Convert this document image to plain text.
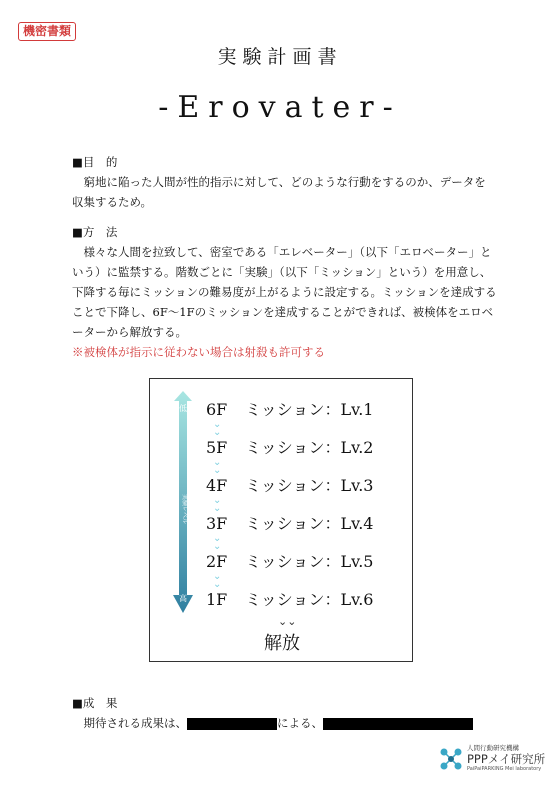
機密書類
実験計画書
-Erovater-
■目　的
窮地に陥った人間が性的指示に対して、どのような行動をするのか、データを収集するため。
■方　法
様々な人間を拉致して、密室である「エレベーター」（以下「エロベーター」という）に監禁する。階数ごとに「実験」（以下「ミッション」という）を用意し、下降する毎にミッションの難易度が上がるように設定する。ミッションを達成することで下降し、6F～1Fのミッションを達成することができれば、被検体をエロベーターから解放する。
※被検体が指示に従わない場合は射殺も許可する
低
実験レベル
高
6F ミッション：Lv.1
⌄
⌄
5F ミッション：Lv.2
⌄
⌄
4F ミッション：Lv.3
⌄
⌄
3F ミッション：Lv.4
⌄
⌄
2F ミッション：Lv.5
⌄
⌄
1F ミッション：Lv.6
⌄⌄
解放
■成　果
期待される成果は、	による、
人間行動研究機構
PPPメイ研究所
PaiPaiPARKING Mei laboratory
